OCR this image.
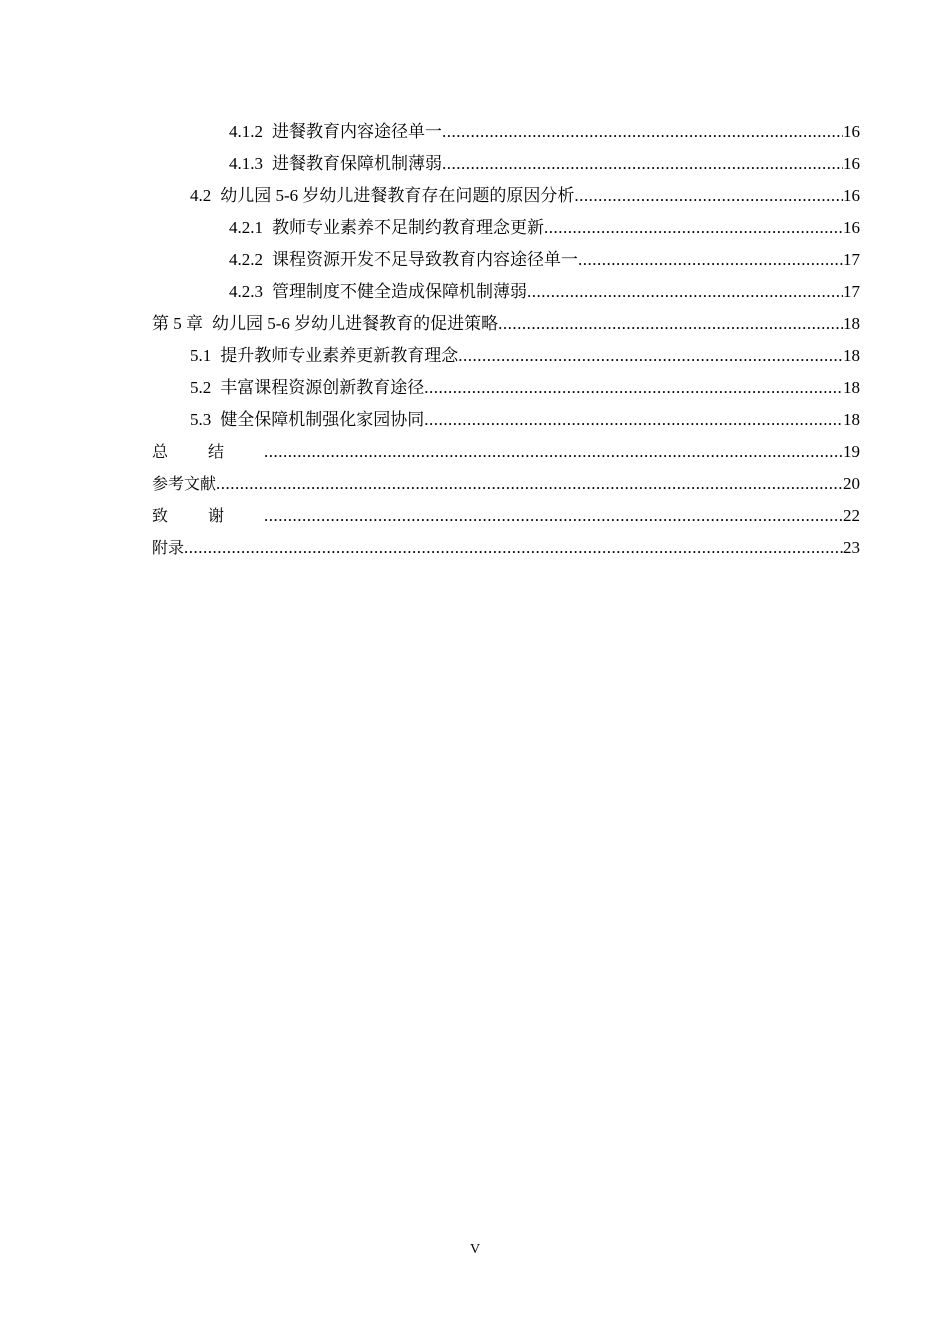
4.1.2 进餐教育内容途径单一 .....	16
4.1.3 进餐教育保障机制薄弱 .....	16
4.2 幼儿园 5-6 岁幼儿进餐教育存在问题的原因分析 .....	16
4.2.1 教师专业素养不足制约教育理念更新 .....	16
4.2.2 课程资源开发不足导致教育内容途径单一 .....	17
4.2.3 管理制度不健全造成保障机制薄弱 .....	17
第 5 章 幼儿园 5-6 岁幼儿进餐教育的促进策略 .....	18
5.1 提升教师专业素养更新教育理念 .....	18
5.2 丰富课程资源创新教育途径 .....	18
5.3 健全保障机制强化家园协同 .....	18
总结 .....	19
参考文献 .....	20
致谢 .....	22
附录 .....	23
V
